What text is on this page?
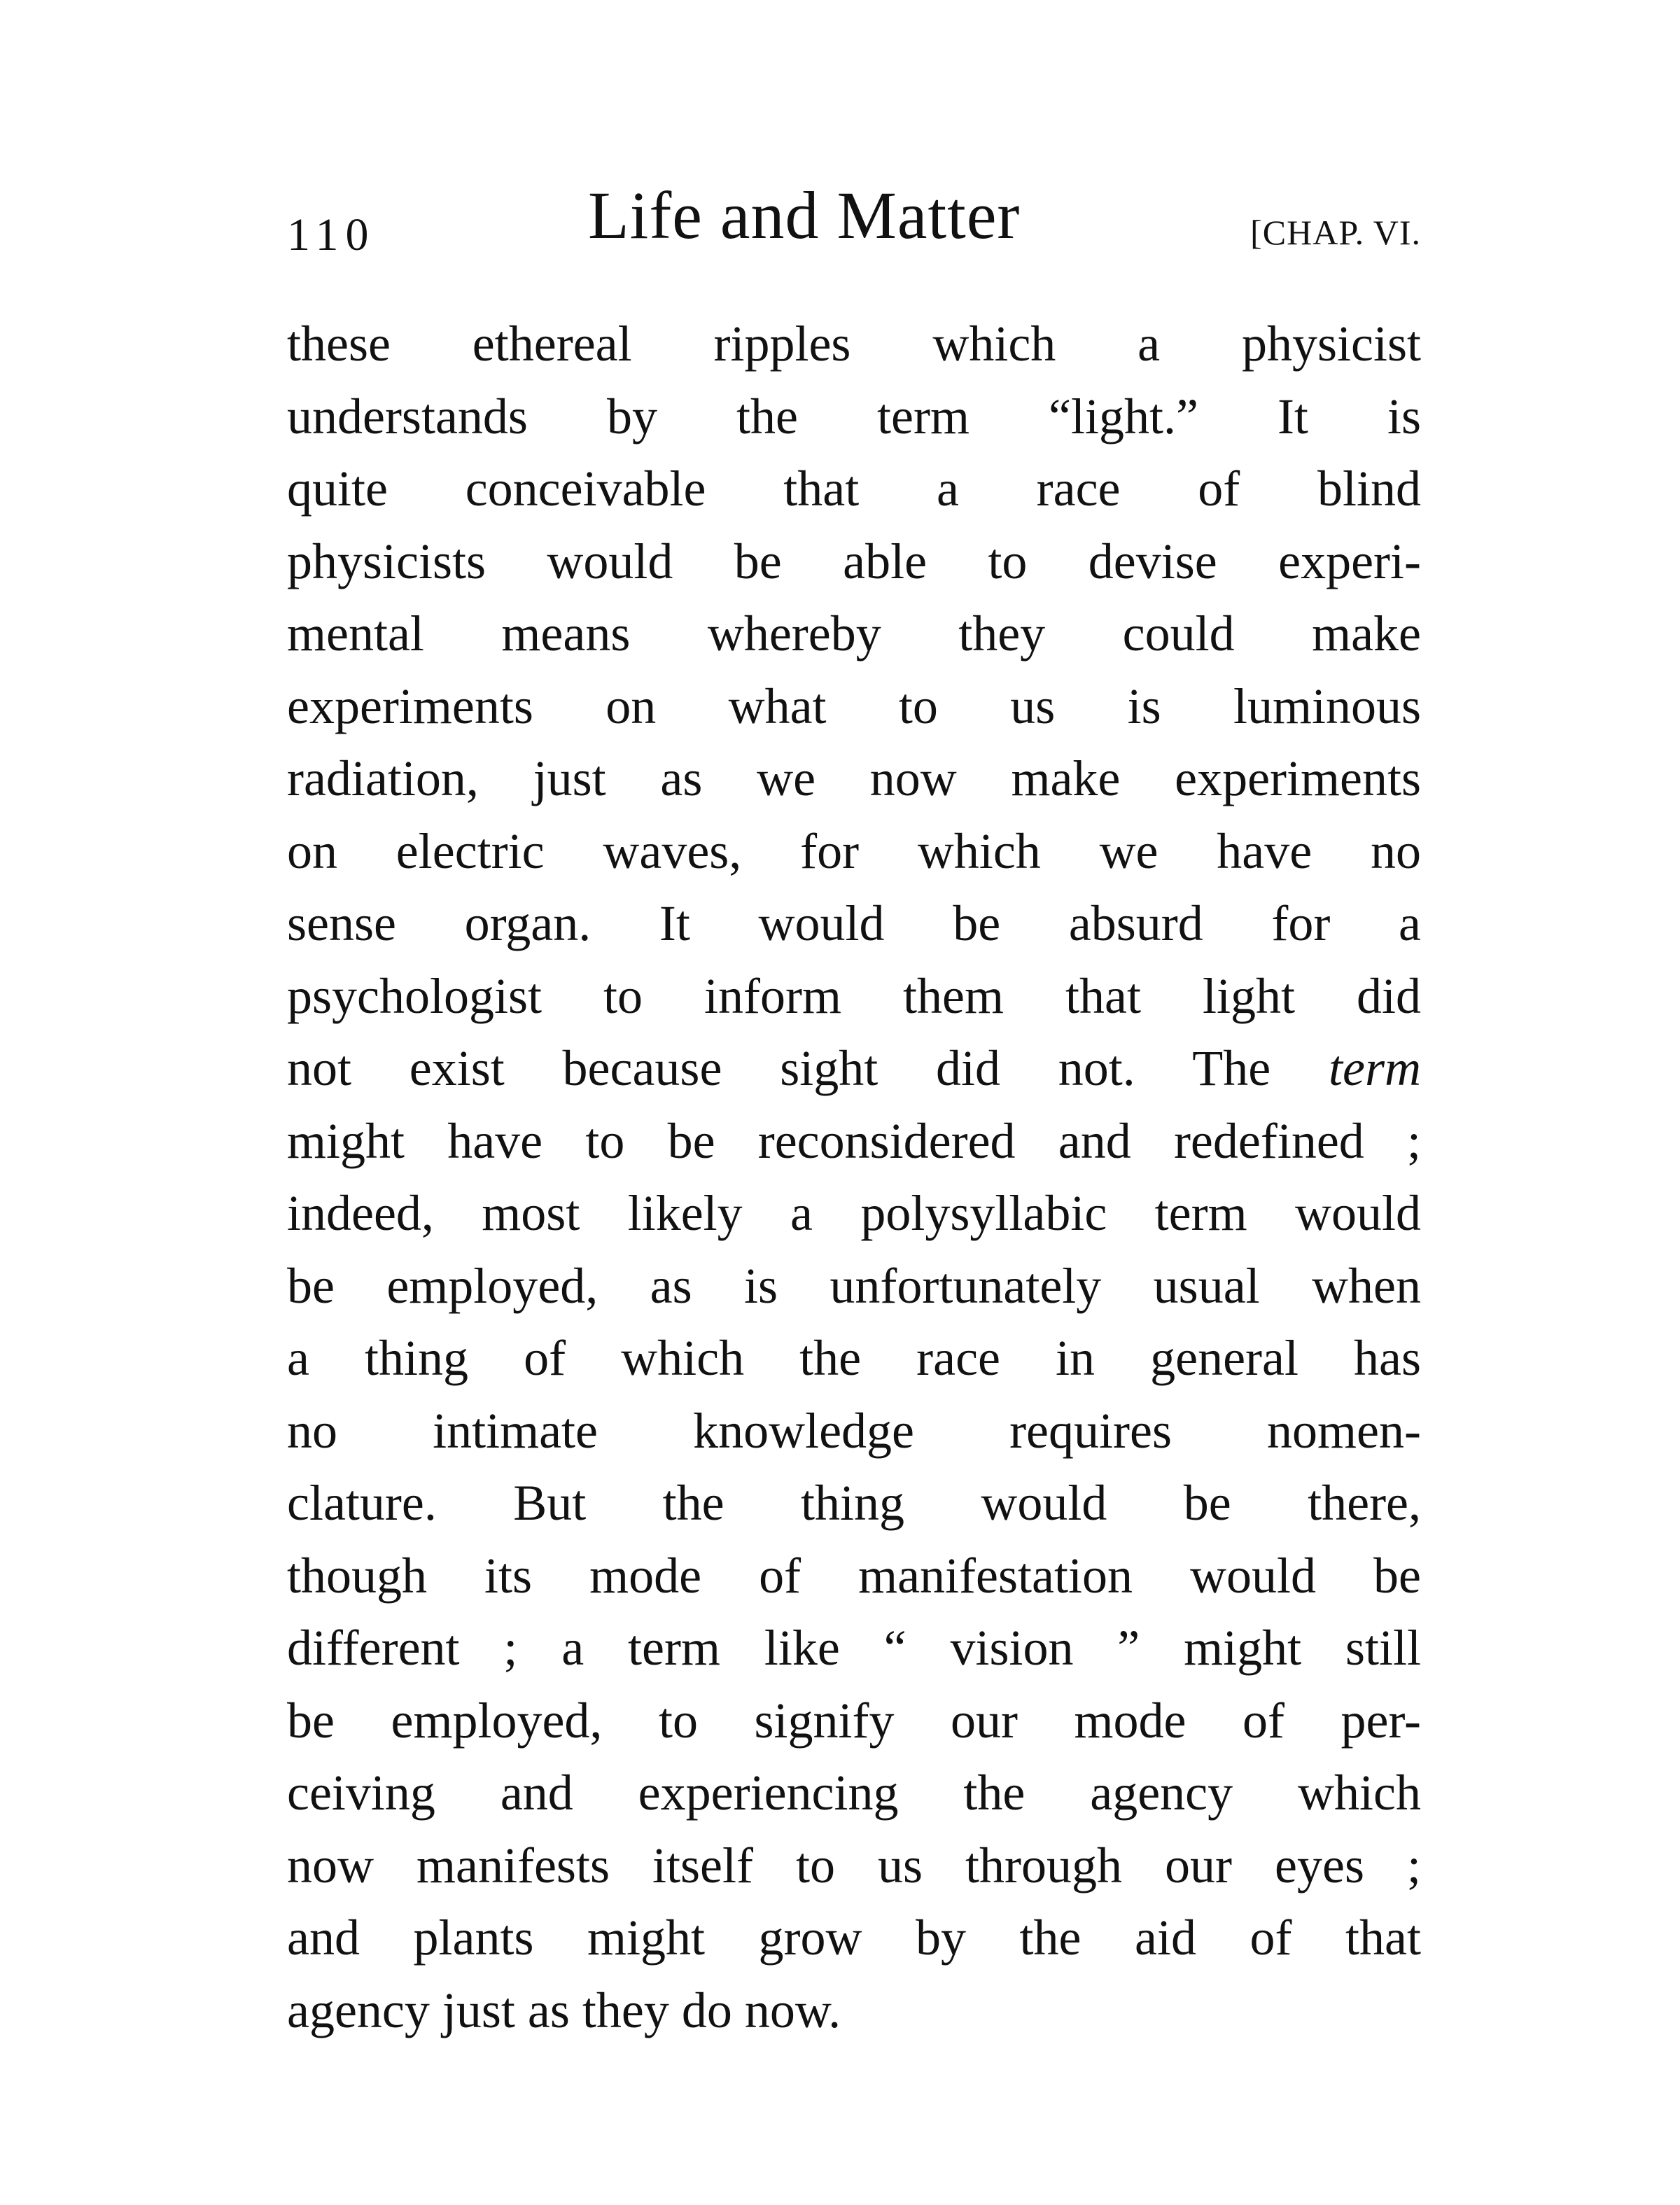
110	Life and Matter	[CHAP. VI.
these ethereal ripples which a physicist
understands by the term “light.” It is
quite conceivable that a race of blind
physicists would be able to devise experi-
mental means whereby they could make
experiments on what to us is luminous
radiation, just as we now make experiments
on electric waves, for which we have no
sense organ. It would be absurd for a
psychologist to inform them that light did
not exist because sight did not. The term
might have to be reconsidered and redefined ;
indeed, most likely a polysyllabic term would
be employed, as is unfortunately usual when
a thing of which the race in general has
no intimate knowledge requires nomen-
clature. But the thing would be there,
though its mode of manifestation would be
different ; a term like “ vision ” might still
be employed, to signify our mode of per-
ceiving and experiencing the agency which
now manifests itself to us through our eyes ;
and plants might grow by the aid of that
agency just as they do now.
